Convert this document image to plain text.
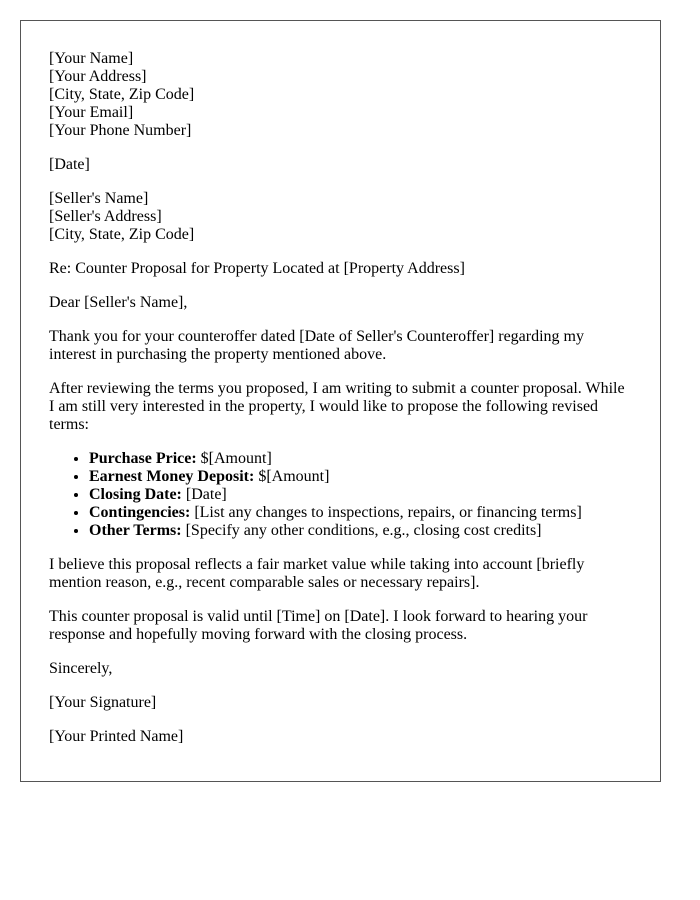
[Your Name]
[Your Address]
[City, State, Zip Code]
[Your Email]
[Your Phone Number]

[Date]

[Seller's Name]
[Seller's Address]
[City, State, Zip Code]

Re: Counter Proposal for Property Located at [Property Address]

Dear [Seller's Name],

Thank you for your counteroffer dated [Date of Seller's Counteroffer] regarding my interest in purchasing the property mentioned above.

After reviewing the terms you proposed, I am writing to submit a counter proposal. While I am still very interested in the property, I would like to propose the following revised terms:

• Purchase Price: $[Amount]
• Earnest Money Deposit: $[Amount]
• Closing Date: [Date]
• Contingencies: [List any changes to inspections, repairs, or financing terms]
• Other Terms: [Specify any other conditions, e.g., closing cost credits]

I believe this proposal reflects a fair market value while taking into account [briefly mention reason, e.g., recent comparable sales or necessary repairs].

This counter proposal is valid until [Time] on [Date]. I look forward to hearing your response and hopefully moving forward with the closing process.

Sincerely,

[Your Signature]

[Your Printed Name]
